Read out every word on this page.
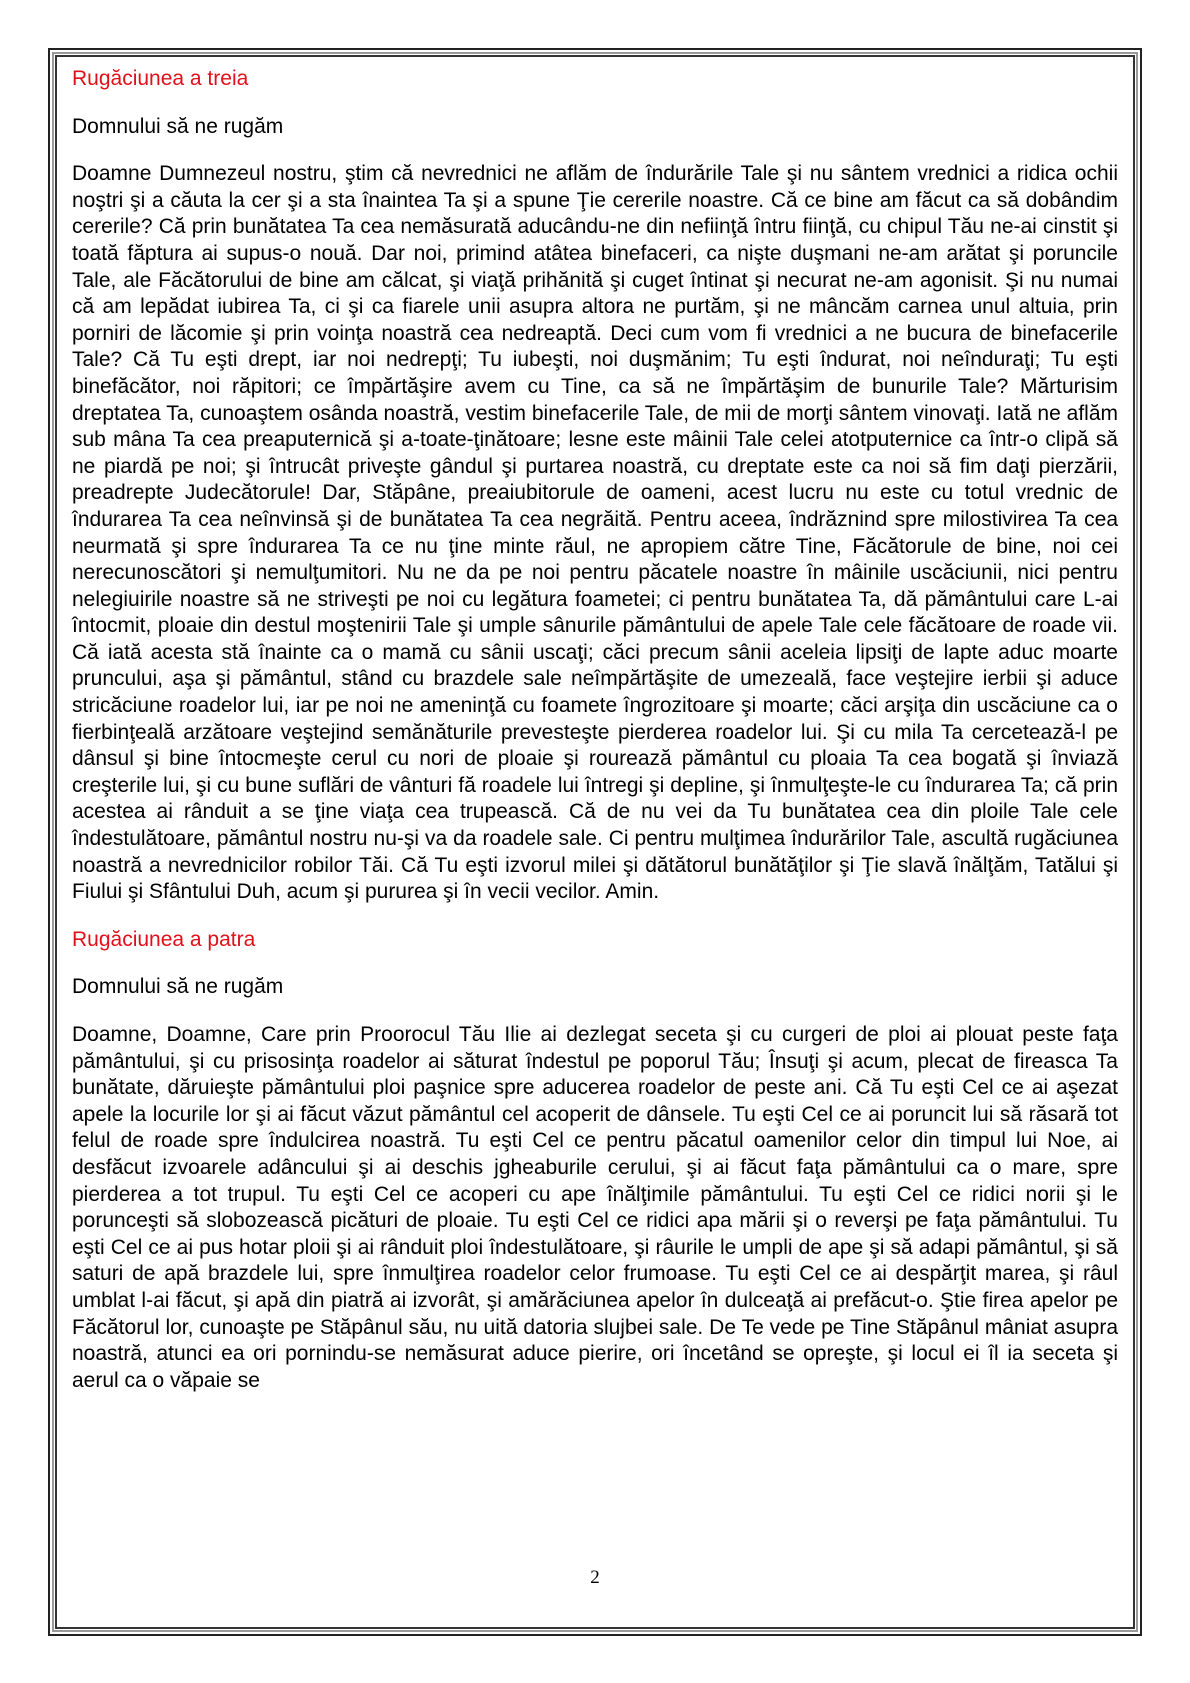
Rugăciunea a treia

Domnului să ne rugăm

Doamne Dumnezeul nostru, ştim că nevrednici ne aflăm de îndurările Tale şi nu sântem vrednici a ridica ochii noştri şi a căuta la cer şi a sta înaintea Ta şi a spune Ţie cererile noastre. Că ce bine am făcut ca să dobândim cererile? Că prin bunătatea Ta cea nemăsurată aducându-ne din nefiinţă întru fiinţă, cu chipul Tău ne-ai cinstit şi toată făptura ai supus-o nouă. Dar noi, primind atâtea binefaceri, ca nişte duşmani ne-am arătat şi poruncile Tale, ale Făcătorului de bine am călcat, şi viaţă prihănită şi cuget întinat şi necurat ne-am agonisit. Şi nu numai că am lepădat iubirea Ta, ci şi ca fiarele unii asupra altora ne purtăm, şi ne mâncăm carnea unul altuia, prin porniri de lăcomie şi prin voinţa noastră cea nedreaptă. Deci cum vom fi vrednici a ne bucura de binefacerile Tale? Că Tu eşti drept, iar noi nedrepţi; Tu iubeşti, noi duşmănim; Tu eşti îndurat, noi neînduraţi; Tu eşti binefăcător, noi răpitori; ce împărtăşire avem cu Tine, ca să ne împărtăşim de bunurile Tale? Mărturisim dreptatea Ta, cunoaştem osânda noastră, vestim binefacerile Tale, de mii de morţi sântem vinovaţi. Iată ne aflăm sub mâna Ta cea preaputernică şi a-toate-ţinătoare; lesne este mâinii Tale celei atotputernice ca într-o clipă să ne piardă pe noi; şi întrucât priveşte gândul şi purtarea noastră, cu dreptate este ca noi să fim daţi pierzării, preadrepte Judecătorule! Dar, Stăpâne, preaiubitorule de oameni, acest lucru nu este cu totul vrednic de îndurarea Ta cea neînvinsă şi de bunătatea Ta cea negrăită. Pentru aceea, îndrăznind spre milostivirea Ta cea neurmată şi spre îndurarea Ta ce nu ţine minte răul, ne apropiem către Tine, Făcătorule de bine, noi cei nerecunoscători şi nemulţumitori. Nu ne da pe noi pentru păcatele noastre în mâinile uscăciunii, nici pentru nelegiuirile noastre să ne striveşti pe noi cu legătura foametei; ci pentru bunătatea Ta, dă pământului care L-ai întocmit, ploaie din destul moştenirii Tale şi umple sânurile pământului de apele Tale cele făcătoare de roade vii. Că iată acesta stă înainte ca o mamă cu sânii uscaţi; căci precum sânii aceleia lipsiţi de lapte aduc moarte pruncului, aşa şi pământul, stând cu brazdele sale neîmpărtăşite de umezeală, face veştejire ierbii şi aduce stricăciune roadelor lui, iar pe noi ne ameninţă cu foamete îngrozitoare şi moarte; căci arşiţa din uscăciune ca o fierbinţeală arzătoare veştejind semănăturile prevesteşte pierderea roadelor lui. Şi cu mila Ta cercetează-l pe dânsul şi bine întocmeşte cerul cu nori de ploaie şi rourează pământul cu ploaia Ta cea bogată şi înviază creşterile lui, şi cu bune suflări de vânturi fă roadele lui întregi şi depline, şi înmulţeşte-le cu îndurarea Ta; că prin acestea ai rânduit a se ţine viaţa cea trupească. Că de nu vei da Tu bunătatea cea din ploile Tale cele îndestulătoare, pământul nostru nu-şi va da roadele sale. Ci pentru mulţimea îndurărilor Tale, ascultă rugăciunea noastră a nevrednicilor robilor Tăi. Că Tu eşti izvorul milei şi dătătorul bunătăţilor şi Ţie slavă înălţăm, Tatălui şi Fiului şi Sfântului Duh, acum şi pururea şi în vecii vecilor. Amin.

Rugăciunea a patra

Domnului să ne rugăm

Doamne, Doamne, Care prin Proorocul Tău Ilie ai dezlegat seceta şi cu curgeri de ploi ai plouat peste faţa pământului, şi cu prisosinţa roadelor ai săturat îndestul pe poporul Tău; Însuţi şi acum, plecat de fireasca Ta bunătate, dăruieşte pământului ploi paşnice spre aducerea roadelor de peste ani. Că Tu eşti Cel ce ai aşezat apele la locurile lor şi ai făcut văzut pământul cel acoperit de dânsele. Tu eşti Cel ce ai poruncit lui să răsară tot felul de roade spre îndulcirea noastră. Tu eşti Cel ce pentru păcatul oamenilor celor din timpul lui Noe, ai desfăcut izvoarele adâncului şi ai deschis jgheaburile cerului, şi ai făcut faţa pământului ca o mare, spre pierderea a tot trupul. Tu eşti Cel ce acoperi cu ape înălţimile pământului. Tu eşti Cel ce ridici norii şi le porunceşti să slobozească picături de ploaie. Tu eşti Cel ce ridici apa mării şi o reverşi pe faţa pământului. Tu eşti Cel ce ai pus hotar ploii şi ai rânduit ploi îndestulătoare, şi râurile le umpli de ape şi să adapi pământul, şi să saturi de apă brazdele lui, spre înmulţirea roadelor celor frumoase. Tu eşti Cel ce ai despărţit marea, şi râul umblat l-ai făcut, şi apă din piatră ai izvorât, şi amărăciunea apelor în dulceaţă ai prefăcut-o. Ştie firea apelor pe Făcătorul lor, cunoaşte pe Stăpânul său, nu uită datoria slujbei sale. De Te vede pe Tine Stăpânul mâniat asupra noastră, atunci ea ori pornindu-se nemăsurat aduce pierire, ori încetând se opreşte, şi locul ei îl ia seceta şi aerul ca o văpaie se

2
